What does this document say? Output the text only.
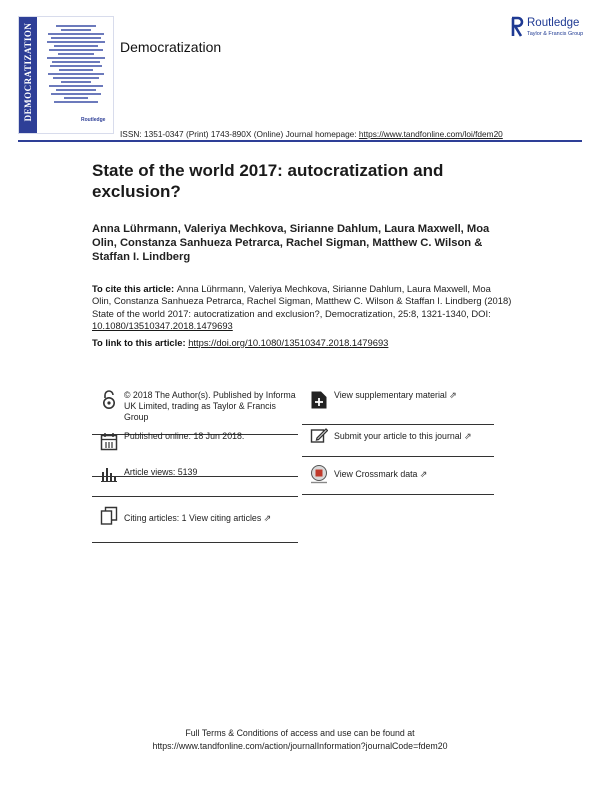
DEMOCRATIZATION	Routledge
Democratization
Routledge
Taylor & Francis Group
ISSN: 1351-0347 (Print) 1743-890X (Online) Journal homepage: https://www.tandfonline.com/loi/fdem20
State of the world 2017: autocratization and exclusion?
Anna Lührmann, Valeriya Mechkova, Sirianne Dahlum, Laura Maxwell, Moa Olin, Constanza Sanhueza Petrarca, Rachel Sigman, Matthew C. Wilson & Staffan I. Lindberg
To cite this article: Anna Lührmann, Valeriya Mechkova, Sirianne Dahlum, Laura Maxwell, Moa Olin, Constanza Sanhueza Petrarca, Rachel Sigman, Matthew C. Wilson & Staffan I. Lindberg (2018) State of the world 2017: autocratization and exclusion?, Democratization, 25:8, 1321-1340, DOI: 10.1080/13510347.2018.1479693
To link to this article: https://doi.org/10.1080/13510347.2018.1479693
© 2018 The Author(s). Published by Informa UK Limited, trading as Taylor & Francis Group
Published online: 18 Jun 2018.
Article views: 5139
Citing articles: 1 View citing articles ⇗
View supplementary material ⇗
Submit your article to this journal ⇗
View Crossmark data ⇗
Full Terms & Conditions of access and use can be found at
https://www.tandfonline.com/action/journalInformation?journalCode=fdem20
